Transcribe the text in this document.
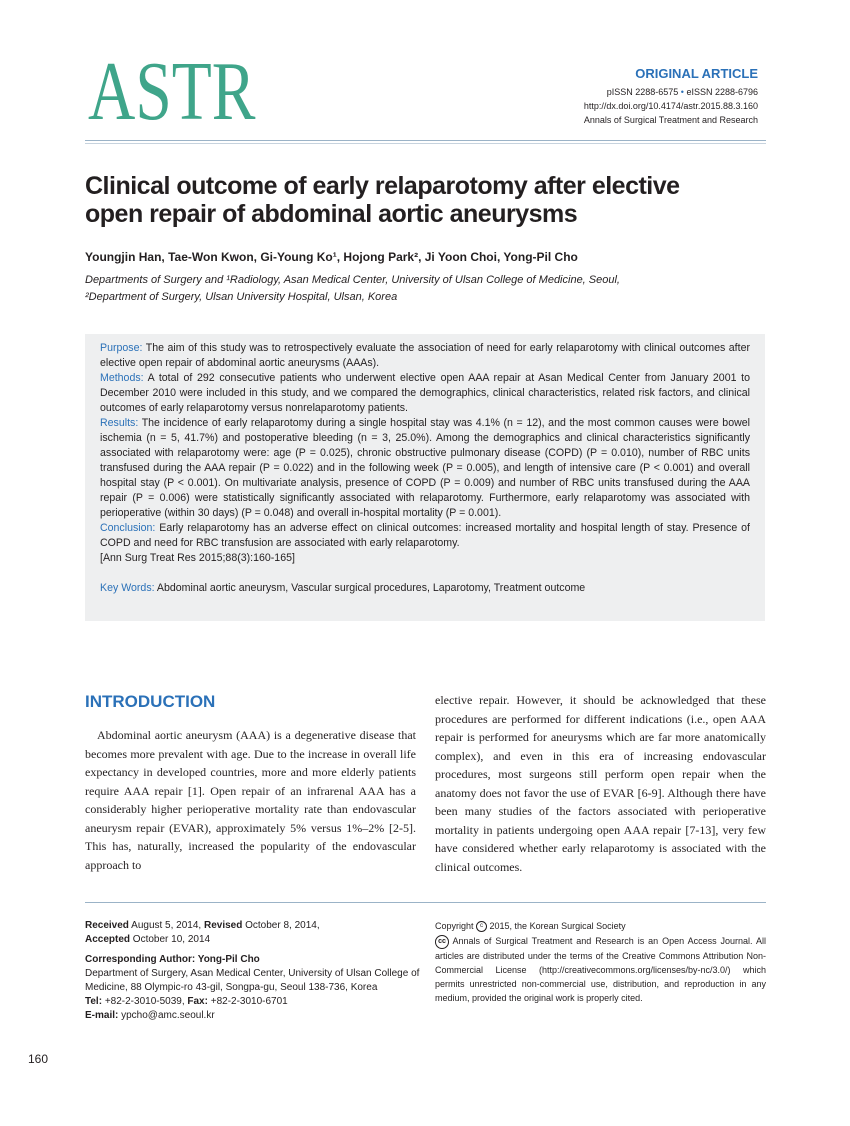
ASTR	ORIGINAL ARTICLE
pISSN 2288-6575 • eISSN 2288-6796
http://dx.doi.org/10.4174/astr.2015.88.3.160
Annals of Surgical Treatment and Research
Clinical outcome of early relaparotomy after elective
open repair of abdominal aortic aneurysms
Youngjin Han, Tae-Won Kwon, Gi-Young Ko¹, Hojong Park², Ji Yoon Choi, Yong-Pil Cho
Departments of Surgery and ¹Radiology, Asan Medical Center, University of Ulsan College of Medicine, Seoul,
²Department of Surgery, Ulsan University Hospital, Ulsan, Korea

Purpose: The aim of this study was to retrospectively evaluate the association of need for early relaparotomy with clinical outcomes after elective open repair of abdominal aortic aneurysms (AAAs).

Methods: A total of 292 consecutive patients who underwent elective open AAA repair at Asan Medical Center from January 2001 to December 2010 were included in this study, and we compared the demographics, clinical characteristics, related risk factors, and clinical outcomes of early relaparotomy versus nonrelaparotomy patients.

Results: The incidence of early relaparotomy during a single hospital stay was 4.1% (n = 12), and the most common causes were bowel ischemia (n = 5, 41.7%) and postoperative bleeding (n = 3, 25.0%). Among the demographics and clinical characteristics significantly associated with relaparotomy were: age (P = 0.025), chronic obstructive pulmonary disease (COPD) (P = 0.010), number of RBC units transfused during the AAA repair (P = 0.022) and in the following week (P = 0.005), and length of intensive care (P < 0.001) and overall hospital stay (P < 0.001). On multivariate analysis, presence of COPD (P = 0.009) and number of RBC units transfused during the AAA repair (P = 0.006) were statistically significantly associated with relaparotomy. Furthermore, early relaparotomy was associated with perioperative (within 30 days) (P = 0.048) and overall in-hospital mortality (P = 0.001).

Conclusion: Early relaparotomy has an adverse effect on clinical outcomes: increased mortality and hospital length of stay. Presence of COPD and need for RBC transfusion are associated with early relaparotomy.

[Ann Surg Treat Res 2015;88(3):160-165]

Key Words: Abdominal aortic aneurysm, Vascular surgical procedures, Laparotomy, Treatment outcome

INTRODUCTION
Abdominal aortic aneurysm (AAA) is a degenerative disease that becomes more prevalent with age. Due to the increase in overall life expectancy in developed countries, more and more elderly patients require AAA repair [1]. Open repair of an infrarenal AAA has a considerably higher perioperative mortality rate than endovascular aneurysm repair (EVAR), approximately 5% versus 1%–2% [2-5]. This has, naturally, increased the popularity of the endovascular approach to
elective repair. However, it should be acknowledged that these procedures are performed for different indications (i.e., open AAA repair is performed for aneurysms which are far more anatomically complex), and even in this era of increasing endovascular procedures, most surgeons still perform open repair when the anatomy does not favor the use of EVAR [6-9]. Although there have been many studies of the factors associated with perioperative mortality in patients undergoing open AAA repair [7-13], very few have considered whether early relaparotomy is associated with the clinical outcomes.
Received August 5, 2014, Revised October 8, 2014,
Accepted October 10, 2014
Corresponding Author: Yong-Pil Cho
Department of Surgery, Asan Medical Center, University of Ulsan College of Medicine, 88 Olympic-ro 43-gil, Songpa-gu, Seoul 138-736, Korea
Tel: +82-2-3010-5039, Fax: +82-2-3010-6701
E-mail: ypcho@amc.seoul.kr
Copyright c 2015, the Korean Surgical Society
cc Annals of Surgical Treatment and Research is an Open Access Journal. All articles are distributed under the terms of the Creative Commons Attribution Non-Commercial License (http://creativecommons.org/licenses/by-nc/3.0/) which permits unrestricted non-commercial use, distribution, and reproduction in any medium, provided the original work is properly cited.
160
